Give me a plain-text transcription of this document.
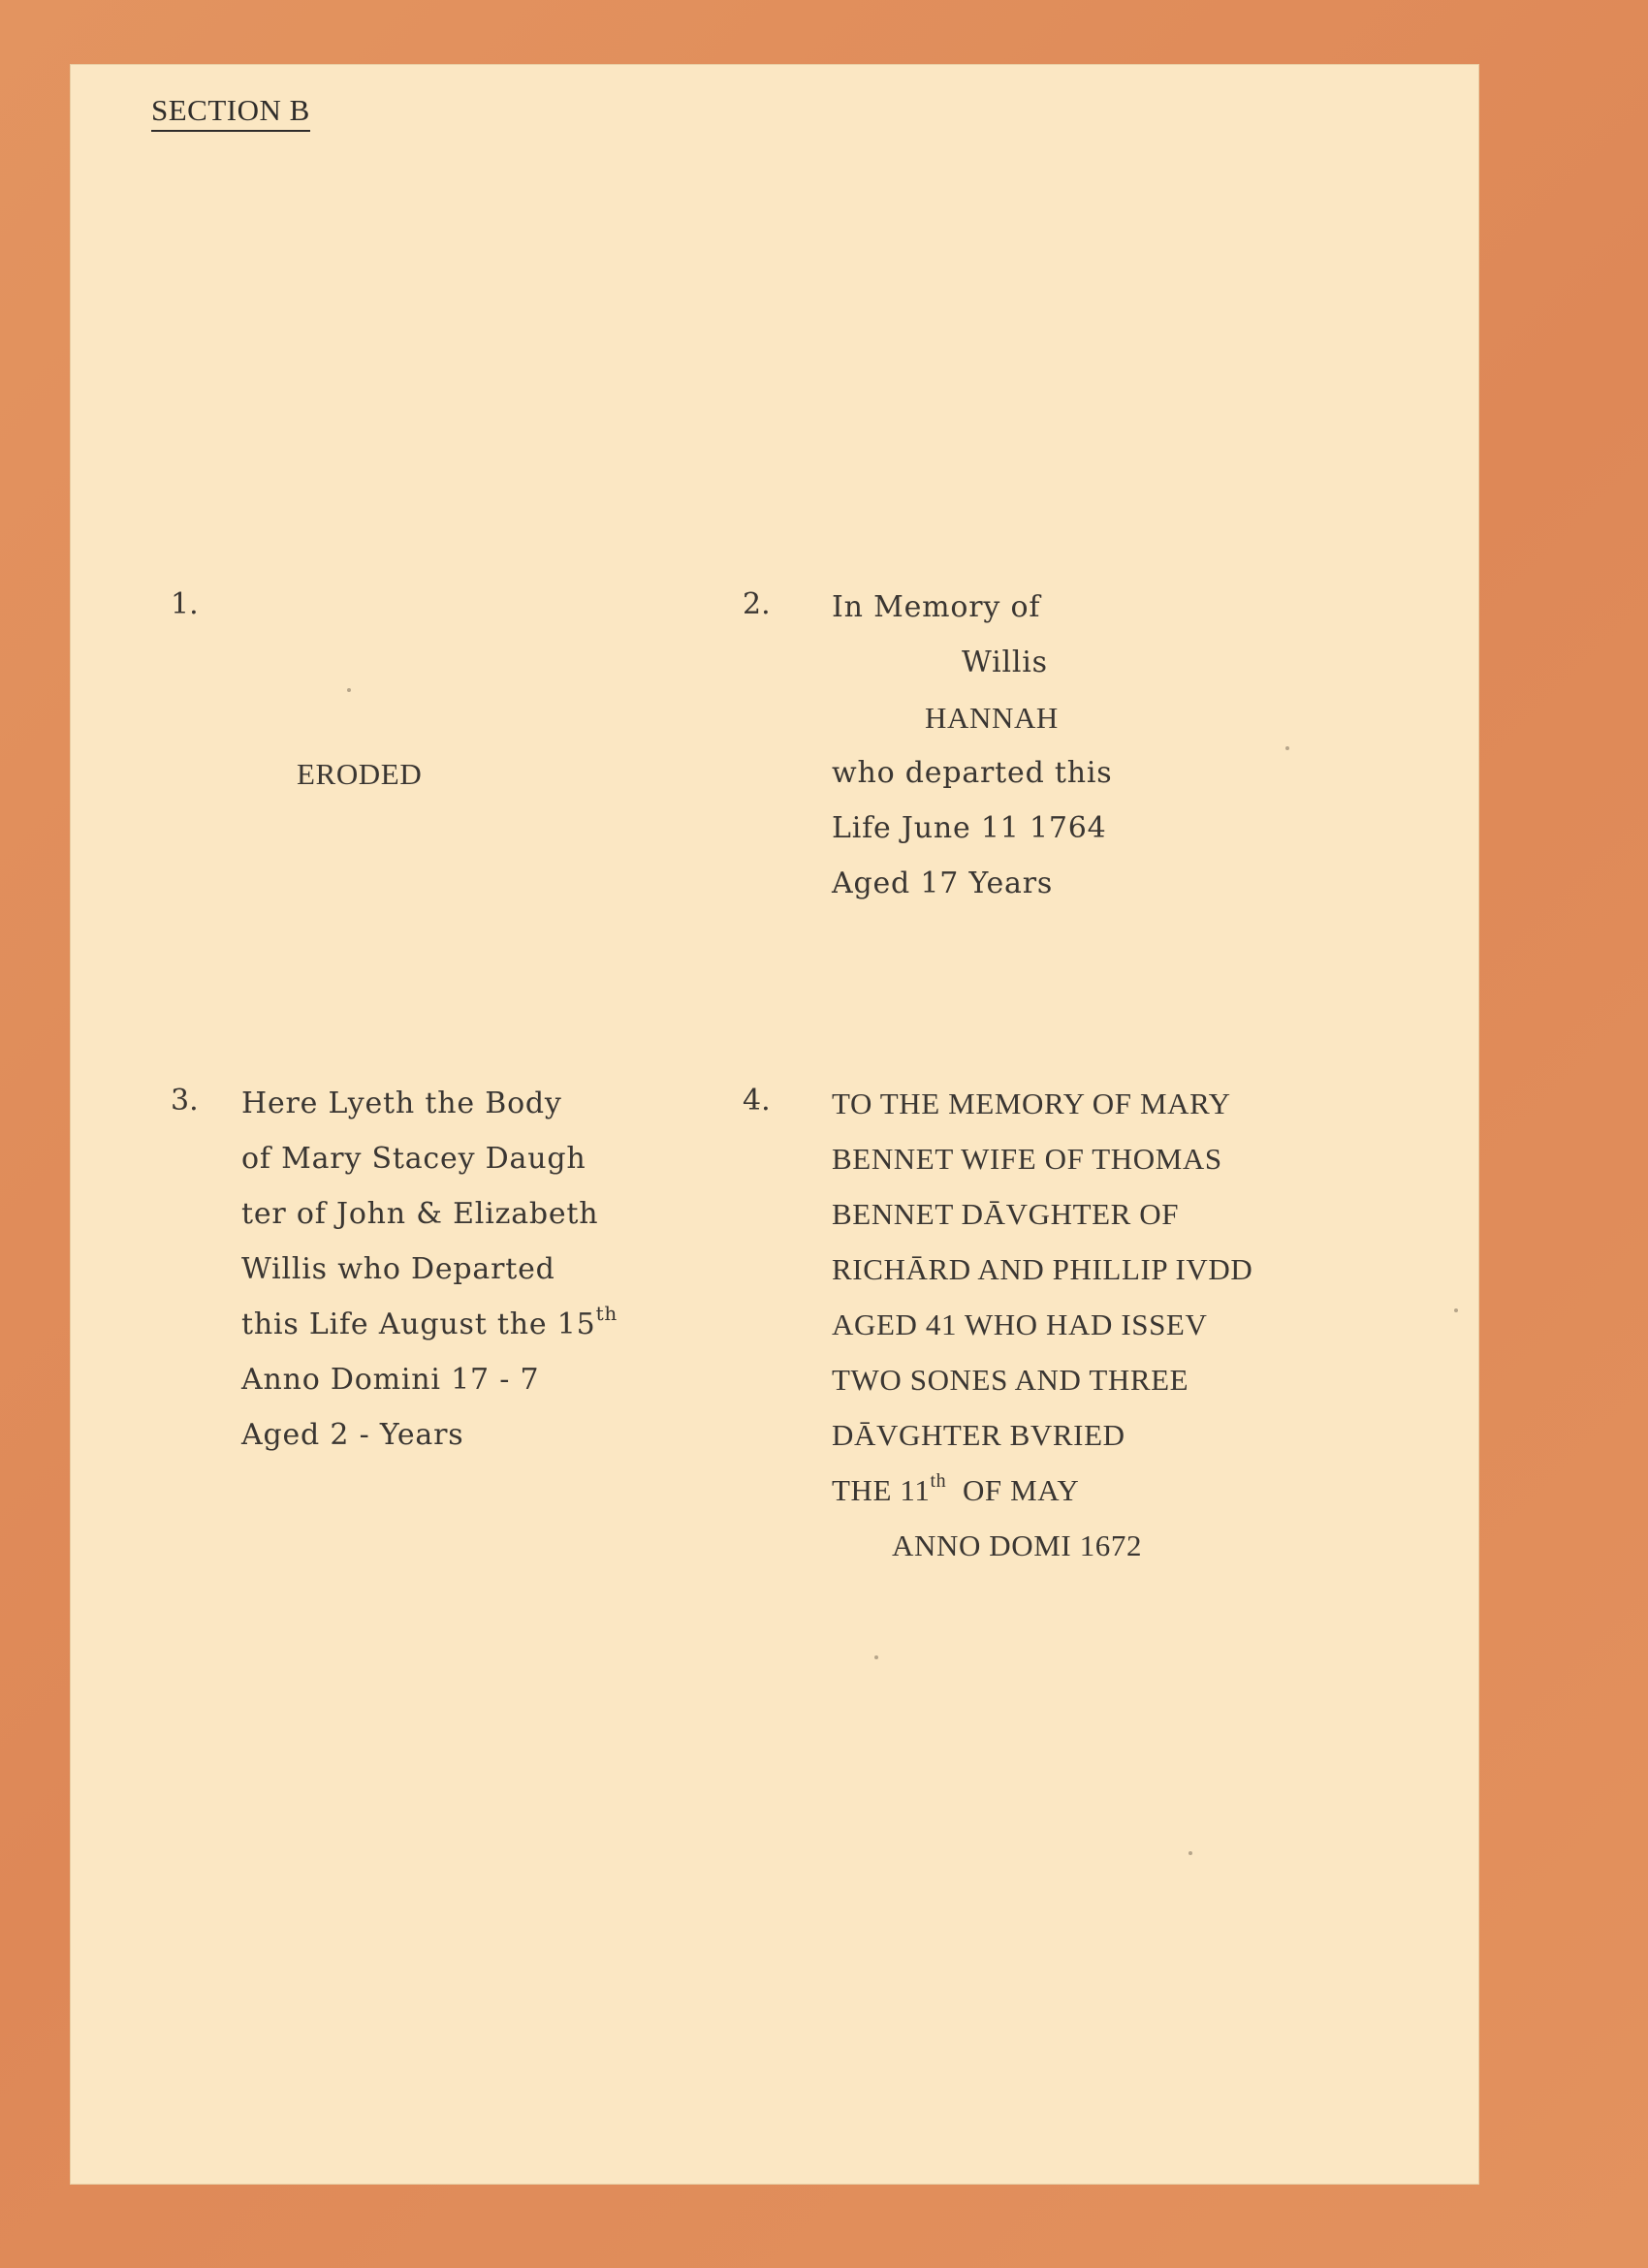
SECTION B
1.
ERODED
2. In Memory of
Willis
HANNAH
who departed this
Life June 11 1764
Aged 17 Years
3. Here Lyeth the Body
of Mary Stacey Daugh
ter of John & Elizabeth
Willis who Departed
this Life August the 15th
Anno Domini 17 - 7
Aged 2 - Years
4. TO THE MEMORY OF MARY
BENNET WIFE OF THOMAS
BENNET DĀVGHTER OF
RICHĀRD AND PHILLIP IVDD
AGED 41 WHO HAD ISSEV
TWO SONES AND THREE
DĀVGHTER BVRIED
THE 11th OF MAY
ANNO DOMI 1672
